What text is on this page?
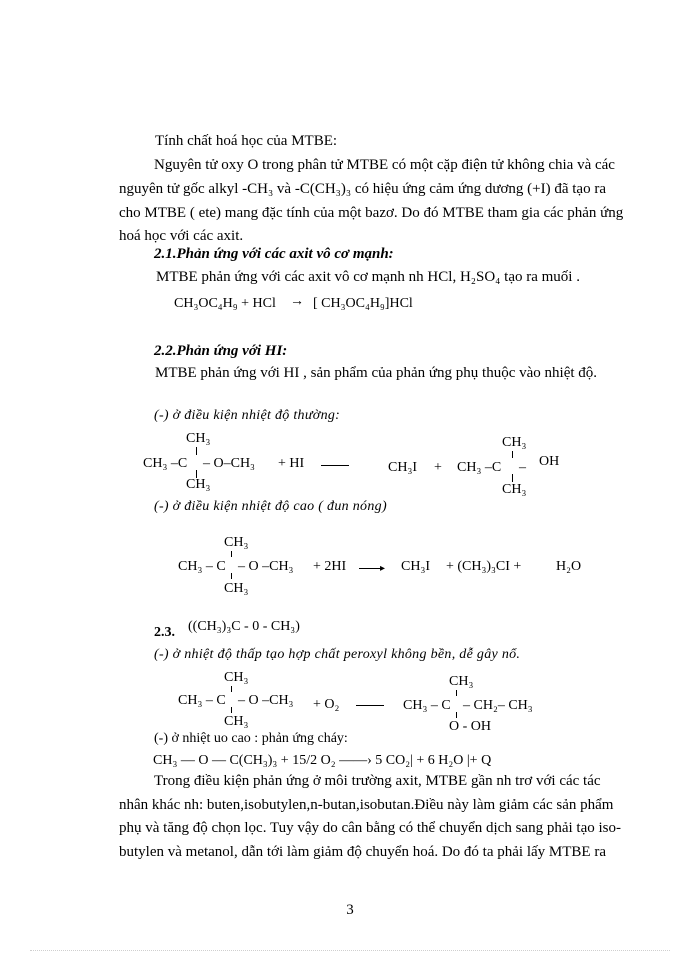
Tính chất hoá học của MTBE:
Nguyên tử oxy O trong phân tử MTBE có một cặp điện tử không chia và các
nguyên tử gốc alkyl -CH₃ và -C(CH₃)₃ có hiệu ứng cảm ứng dương (+I) đã tạo ra
cho MTBE ( ete) mang đặc tính của một bazơ. Do đó MTBE tham gia các phản ứng
hoá học với các axit.
2.1.Phản ứng với các axit vô cơ mạnh:
MTBE phản ứng với các axit vô cơ mạnh nh HCl, H₂SO₄ tạo ra muối .
CH₃OC₄H₉ + HCl → [ CH₃OC₄H₉]HCl
2.2.Phản ứng với HI:
MTBE phản ứng với HI , sản phẩm của phản ứng phụ thuộc vào nhiệt độ.
(-) ở điều kiện nhiệt độ thường:
CH₃
CH₃ –C – O–CH₃
CH₃
+ HI	CH₃I +
CH₃
CH₃ –C – OH
CH₃
(-) ở điều kiện nhiệt độ cao ( đun nóng)
CH₃
CH₃ – C – O –CH₃
CH₃
+ 2HI	▸ CH₃I + (CH₃)₃CI + H₂O
2.3. ((CH₃)₃C - 0 - CH₃)
(-) ở nhiệt độ thấp tạo hợp chất peroxyl không bền, dễ gây nổ.
CH₃
CH₃ – C – O –CH₃
CH₃
+ O₂
CH₃
CH₃ – C – CH₂– CH₃
O - OH
(-) ở nhiệt uo cao : phản ứng cháy:
CH₃ — O — C(CH₃)₃ + 15/2 O₂ ——› 5 CO₂| + 6 H₂O |+ Q
Trong điều kiện phản ứng ở môi trường axit, MTBE gần nh trơ với các tác
nhân khác nh: buten,isobutylen,n-butan,isobutan.Điều này làm giảm các sản phẩm
phụ và tăng độ chọn lọc. Tuy vậy do cân bằng có thể chuyển dịch sang phải tạo iso-
butylen và metanol, dẫn tới làm giảm độ chuyển hoá. Do đó ta phải lấy MTBE ra
3
